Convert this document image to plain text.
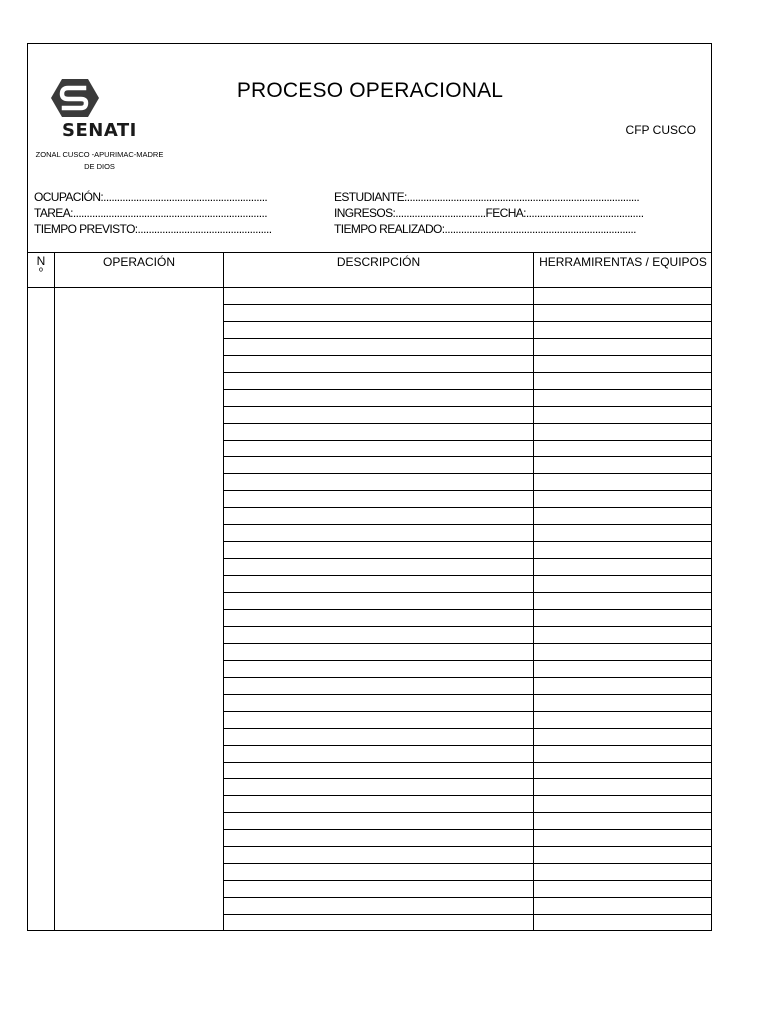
SENATI
ZONAL CUSCO -APURIMAC-MADRE
DE DIOS
PROCESO OPERACIONAL
CFP CUSCO
OCUPACIÓN:............................................................
TAREA:.......................................................................
TIEMPO PREVISTO:.................................................
ESTUDIANTE:.....................................................................................
INGRESOS:.................................FECHA:...........................................
TIEMPO REALIZADO:......................................................................
N
º
OPERACIÓN	DESCRIPCIÓN	HERRAMIRENTAS / EQUIPOS
